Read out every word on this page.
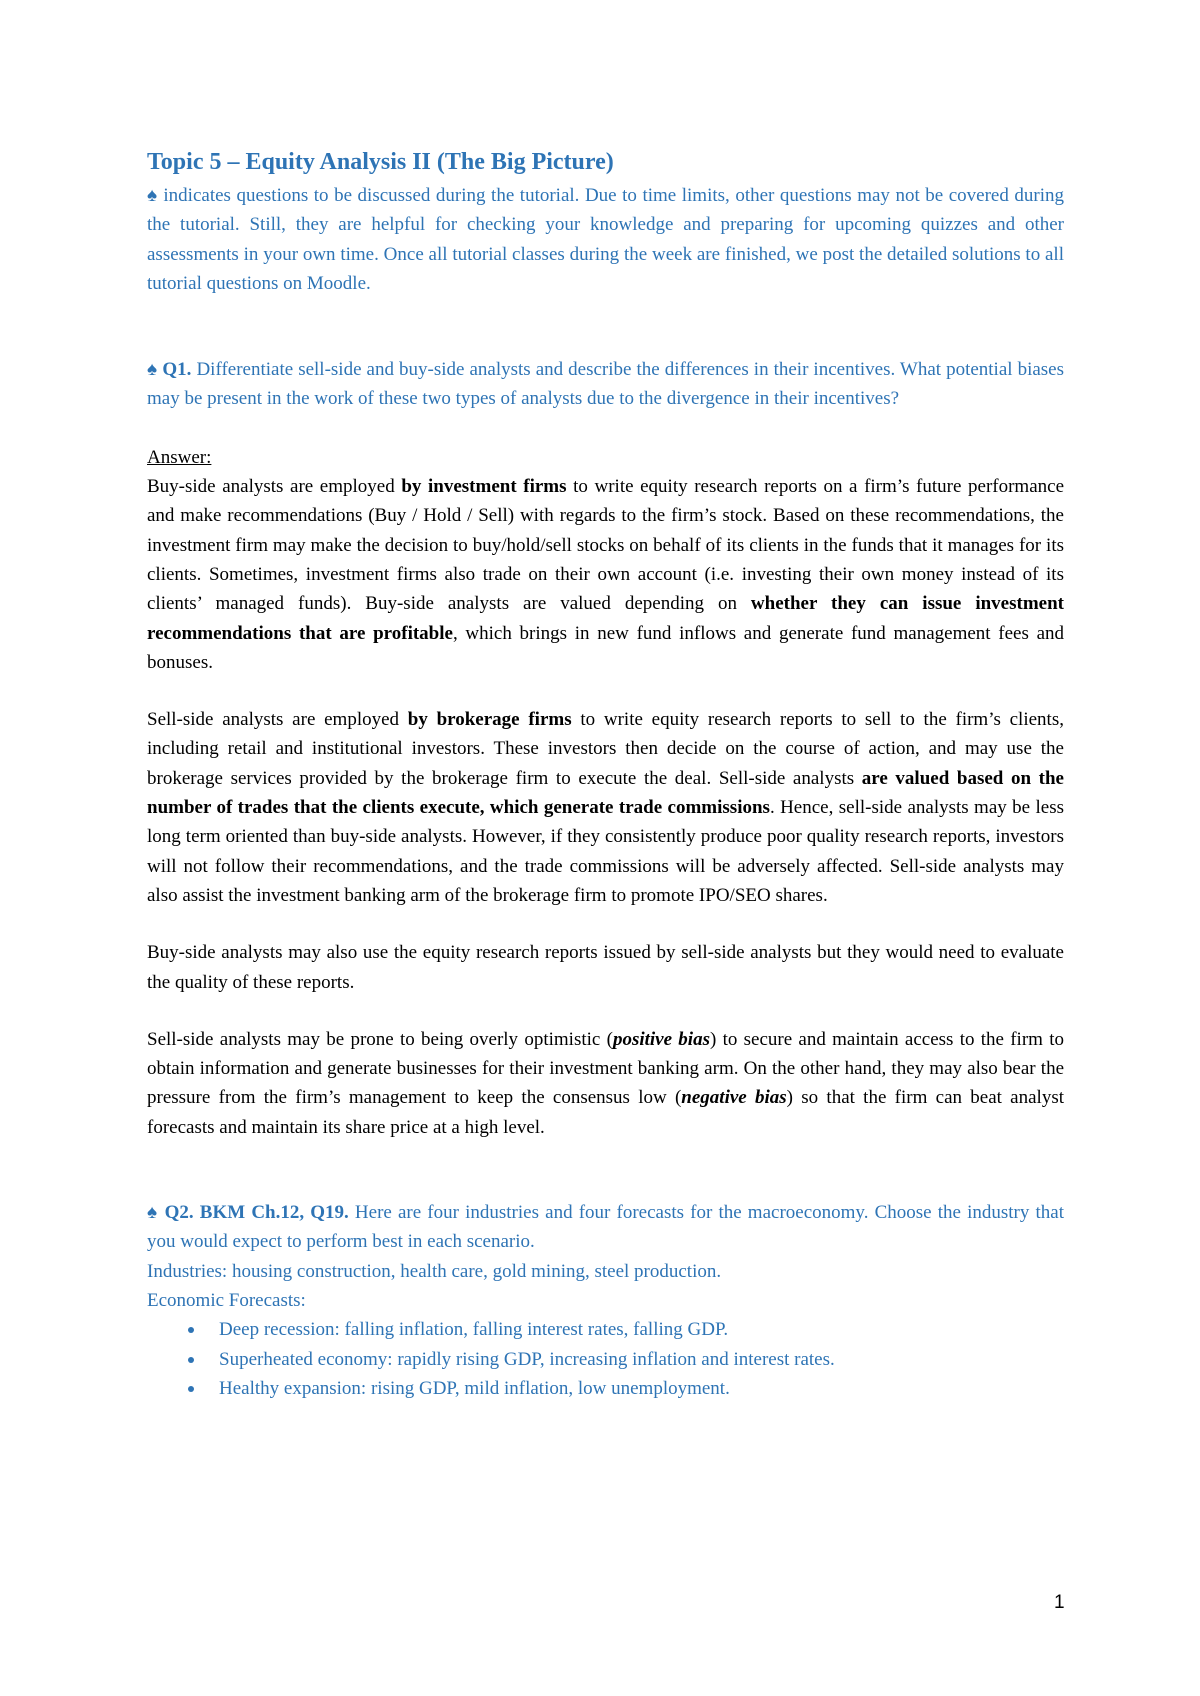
Topic 5 – Equity Analysis II (The Big Picture)

♠ indicates questions to be discussed during the tutorial. Due to time limits, other questions may not be covered during the tutorial. Still, they are helpful for checking your knowledge and preparing for upcoming quizzes and other assessments in your own time. Once all tutorial classes during the week are finished, we post the detailed solutions to all tutorial questions on Moodle.

♠ Q1. Differentiate sell-side and buy-side analysts and describe the differences in their incentives. What potential biases may be present in the work of these two types of analysts due to the divergence in their incentives?

Answer:

Buy-side analysts are employed by investment firms to write equity research reports on a firm’s future performance and make recommendations (Buy / Hold / Sell) with regards to the firm’s stock. Based on these recommendations, the investment firm may make the decision to buy/hold/sell stocks on behalf of its clients in the funds that it manages for its clients. Sometimes, investment firms also trade on their own account (i.e. investing their own money instead of its clients’ managed funds). Buy-side analysts are valued depending on whether they can issue investment recommendations that are profitable, which brings in new fund inflows and generate fund management fees and bonuses.

Sell-side analysts are employed by brokerage firms to write equity research reports to sell to the firm’s clients, including retail and institutional investors. These investors then decide on the course of action, and may use the brokerage services provided by the brokerage firm to execute the deal. Sell-side analysts are valued based on the number of trades that the clients execute, which generate trade commissions. Hence, sell-side analysts may be less long term oriented than buy-side analysts. However, if they consistently produce poor quality research reports, investors will not follow their recommendations, and the trade commissions will be adversely affected. Sell-side analysts may also assist the investment banking arm of the brokerage firm to promote IPO/SEO shares.

Buy-side analysts may also use the equity research reports issued by sell-side analysts but they would need to evaluate the quality of these reports.

Sell-side analysts may be prone to being overly optimistic (positive bias) to secure and maintain access to the firm to obtain information and generate businesses for their investment banking arm. On the other hand, they may also bear the pressure from the firm’s management to keep the consensus low (negative bias) so that the firm can beat analyst forecasts and maintain its share price at a high level.

♠ Q2. BKM Ch.12, Q19. Here are four industries and four forecasts for the macroeconomy. Choose the industry that you would expect to perform best in each scenario.

Industries: housing construction, health care, gold mining, steel production.

Economic Forecasts:

Deep recession: falling inflation, falling interest rates, falling GDP.
Superheated economy: rapidly rising GDP, increasing inflation and interest rates.
Healthy expansion: rising GDP, mild inflation, low unemployment.
1
